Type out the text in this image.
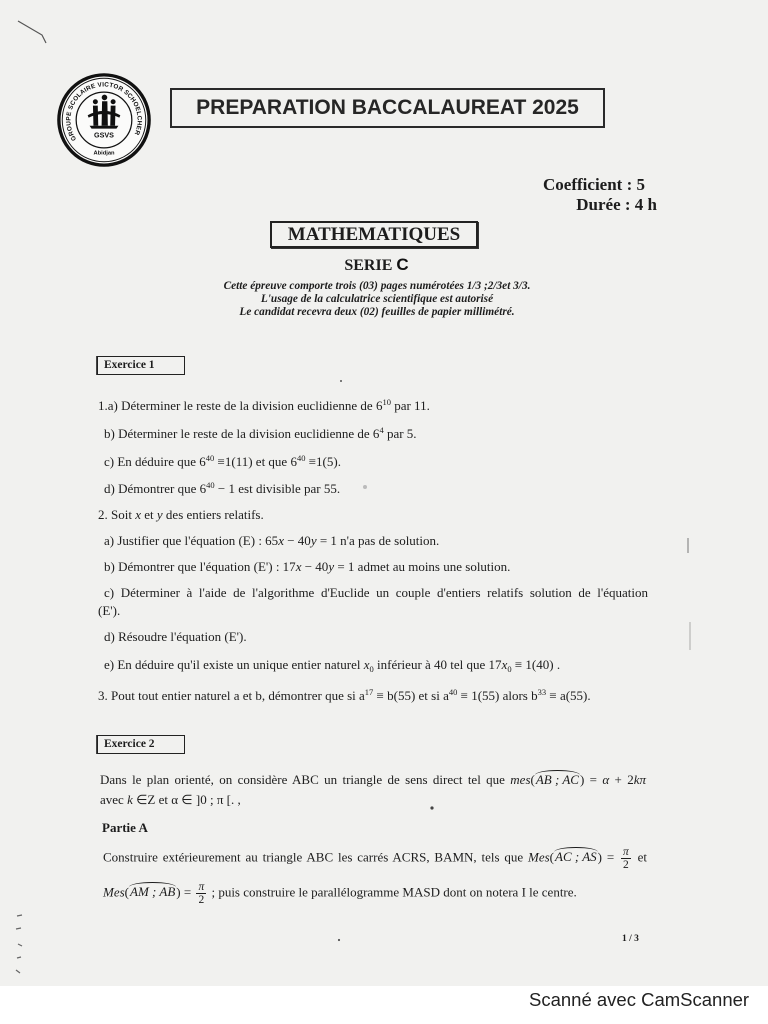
GROUPE SCOLAIRE VICTOR SCHOELCHER
GSVS
Abidjan
PREPARATION BACCALAUREAT 2025
Coefficient : 5
Durée : 4 h
MATHEMATIQUES
SERIE C
Cette épreuve comporte trois (03) pages numérotées 1/3 ;2/3et 3/3.
L'usage de la calculatrice scientifique est autorisé
Le candidat recevra deux (02) feuilles de papier millimétré.
Exercice 1
1.a) Déterminer le reste de la division euclidienne de $6^{10}$ par 11.
b) Déterminer le reste de la division euclidienne de $6^4$ par 5.
c) En déduire que $6^{40} \equiv 1(11)$ et que $6^{40} \equiv 1(5)$.
d) Démontrer que $6^{40} - 1$ est divisible par 55.
2. Soit x et y des entiers relatifs.
a) Justifier que l'équation (E) : 65x − 40y = 1 n'a pas de solution.
b) Démontrer que l'équation (E') : 17x − 40y = 1 admet au moins une solution.
c) Déterminer à l'aide de l'algorithme d'Euclide un couple d'entiers relatifs solution de l'équation
(E').
d) Résoudre l'équation (E').
e) En déduire qu'il existe un unique entier naturel $x_0$ inférieur à 40 tel que $17x_0 \equiv 1(40)$ .
3. Pout tout entier naturel a et b, démontrer que si $a^{17} \equiv b(55)$ et si $a^{40} \equiv 1(55)$ alors $b^{33} \equiv a(55)$.
Exercice 2
Dans le plan orienté, on considère ABC un triangle de sens direct tel que mes(AB ; AC) = α + 2kπ
avec k ∈Z et α ∈ ]0 ; π [. ,
Partie A
Construire extérieurement au triangle ABC les carrés ACRS, BAMN, tels que Mes(AC ; $AS) = \frac{\pi}{2}$ et
Mes(AM ; $AB) = \frac{\pi}{2}$ ; puis construire le parallélogramme MASD dont on notera I le centre.
1 / 3
Scanné avec CamScanner
